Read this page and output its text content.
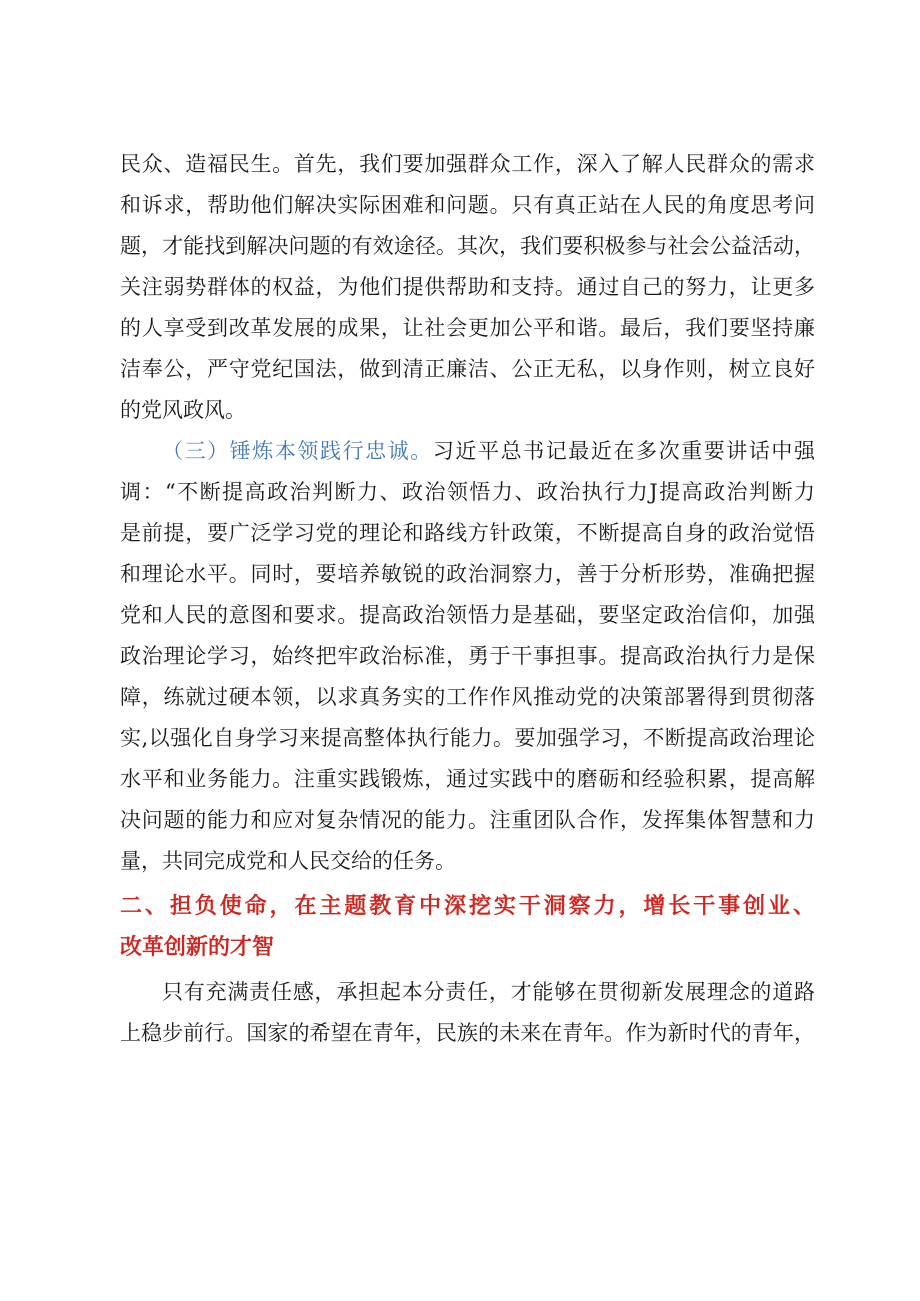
民众、造福民生。首先，我们要加强群众工作，深入了解人民群众的需求
和诉求，帮助他们解决实际困难和问题。只有真正站在人民的角度思考问
题，才能找到解决问题的有效途径。其次，我们要积极参与社会公益活动，
关注弱势群体的权益，为他们提供帮助和支持。通过自己的努力，让更多
的人享受到改革发展的成果，让社会更加公平和谐。最后，我们要坚持廉
洁奉公，严守党纪国法，做到清正廉洁、公正无私，以身作则，树立良好
的党风政风。
（三）锤炼本领践行忠诚。习近平总书记最近在多次重要讲话中强
调：“不断提高政治判断力、政治领悟力、政治执行力J提高政治判断力
是前提，要广泛学习党的理论和路线方针政策，不断提高自身的政治觉悟
和理论水平。同时，要培养敏锐的政治洞察力，善于分析形势，准确把握
党和人民的意图和要求。提高政治领悟力是基础，要坚定政治信仰，加强
政治理论学习，始终把牢政治标准，勇于干事担事。提高政治执行力是保
障，练就过硬本领，以求真务实的工作作风推动党的决策部署得到贯彻落
实,以强化自身学习来提高整体执行能力。要加强学习，不断提高政治理论
水平和业务能力。注重实践锻炼，通过实践中的磨砺和经验积累，提高解
决问题的能力和应对复杂情况的能力。注重团队合作，发挥集体智慧和力
量，共同完成党和人民交给的任务。
二、担负使命，在主题教育中深挖实干洞察力，增长干事创业、
改革创新的才智
只有充满责任感，承担起本分责任，才能够在贯彻新发展理念的道路
上稳步前行。国家的希望在青年，民族的未来在青年。作为新时代的青年，
